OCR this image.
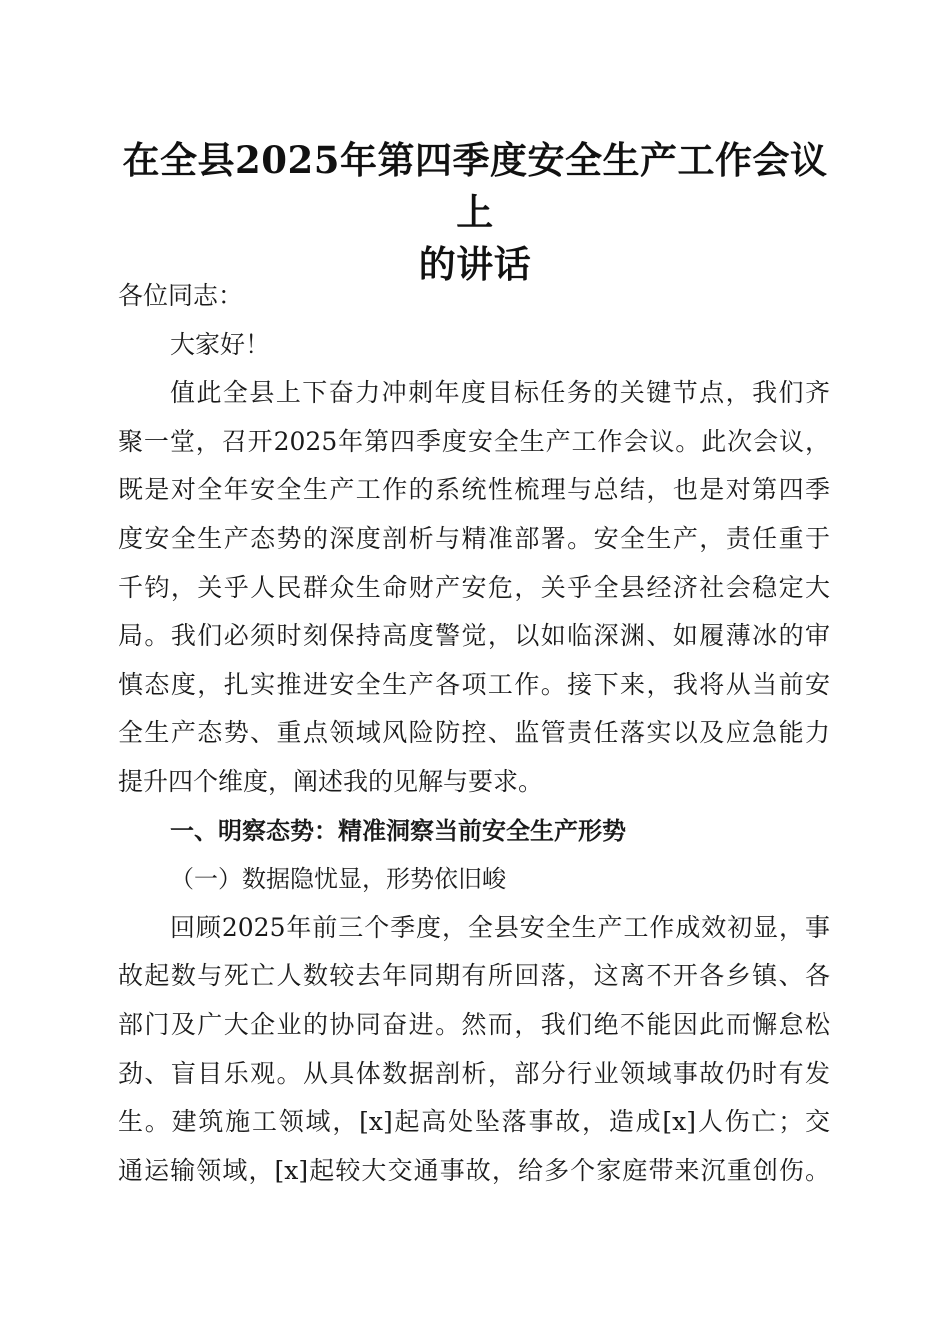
在全县2025年第四季度安全生产工作会议上
的讲话
各位同志：
大家好！
值此全县上下奋力冲刺年度目标任务的关键节点，我们齐
聚一堂，召开2025年第四季度安全生产工作会议。此次会议，
既是对全年安全生产工作的系统性梳理与总结，也是对第四季
度安全生产态势的深度剖析与精准部署。安全生产，责任重于
千钧，关乎人民群众生命财产安危，关乎全县经济社会稳定大
局。我们必须时刻保持高度警觉，以如临深渊、如履薄冰的审
慎态度，扎实推进安全生产各项工作。接下来，我将从当前安
全生产态势、重点领域风险防控、监管责任落实以及应急能力
提升四个维度，阐述我的见解与要求。
一、明察态势：精准洞察当前安全生产形势
（一）数据隐忧显，形势依旧峻
回顾2025年前三个季度，全县安全生产工作成效初显，事
故起数与死亡人数较去年同期有所回落，这离不开各乡镇、各
部门及广大企业的协同奋进。然而，我们绝不能因此而懈怠松
劲、盲目乐观。从具体数据剖析，部分行业领域事故仍时有发
生。建筑施工领域，[x]起高处坠落事故，造成[x]人伤亡；交
通运输领域，[x]起较大交通事故，给多个家庭带来沉重创伤。
